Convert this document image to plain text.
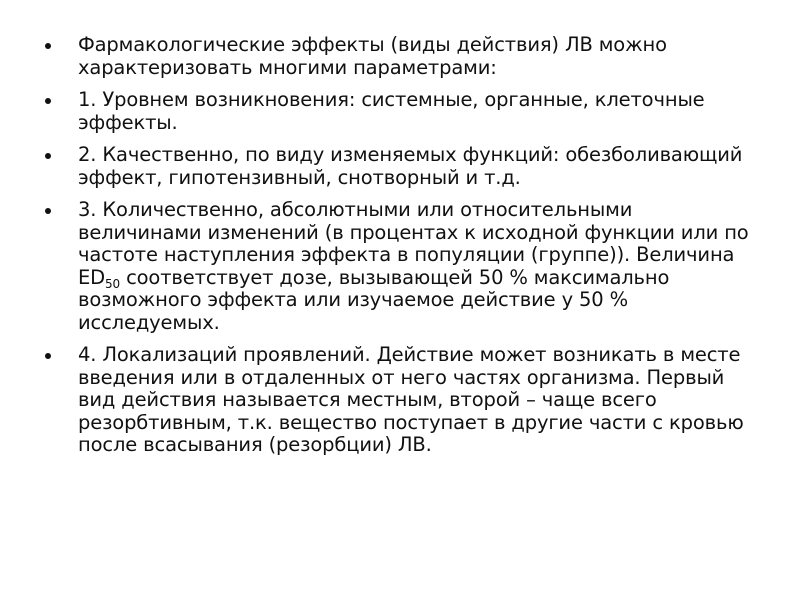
Фармакологические эффекты (виды действия) ЛВ можно характеризовать многими параметрами:
1. Уровнем возникновения: системные, органные, клеточные эффекты.
2. Качественно, по виду изменяемых функций: обезболивающий эффект, гипотензивный, снотворный и т.д.
3. Количественно, абсолютными или относительными величинами изменений (в процентах к исходной функции или по частоте наступления эффекта в популяции (группе)). Величина $ED_{50}$ соответствует дозе, вызывающей 50 % максимально возможного эффекта или изучаемое действие у 50 % исследуемых.
4. Локализаций проявлений. Действие может возникать в месте введения или в отдаленных от него частях организма. Первый вид действия называется местным, второй – чаще всего резорбтивным, т.к. вещество поступает в другие части с кровью после всасывания (резорбции) ЛВ.
